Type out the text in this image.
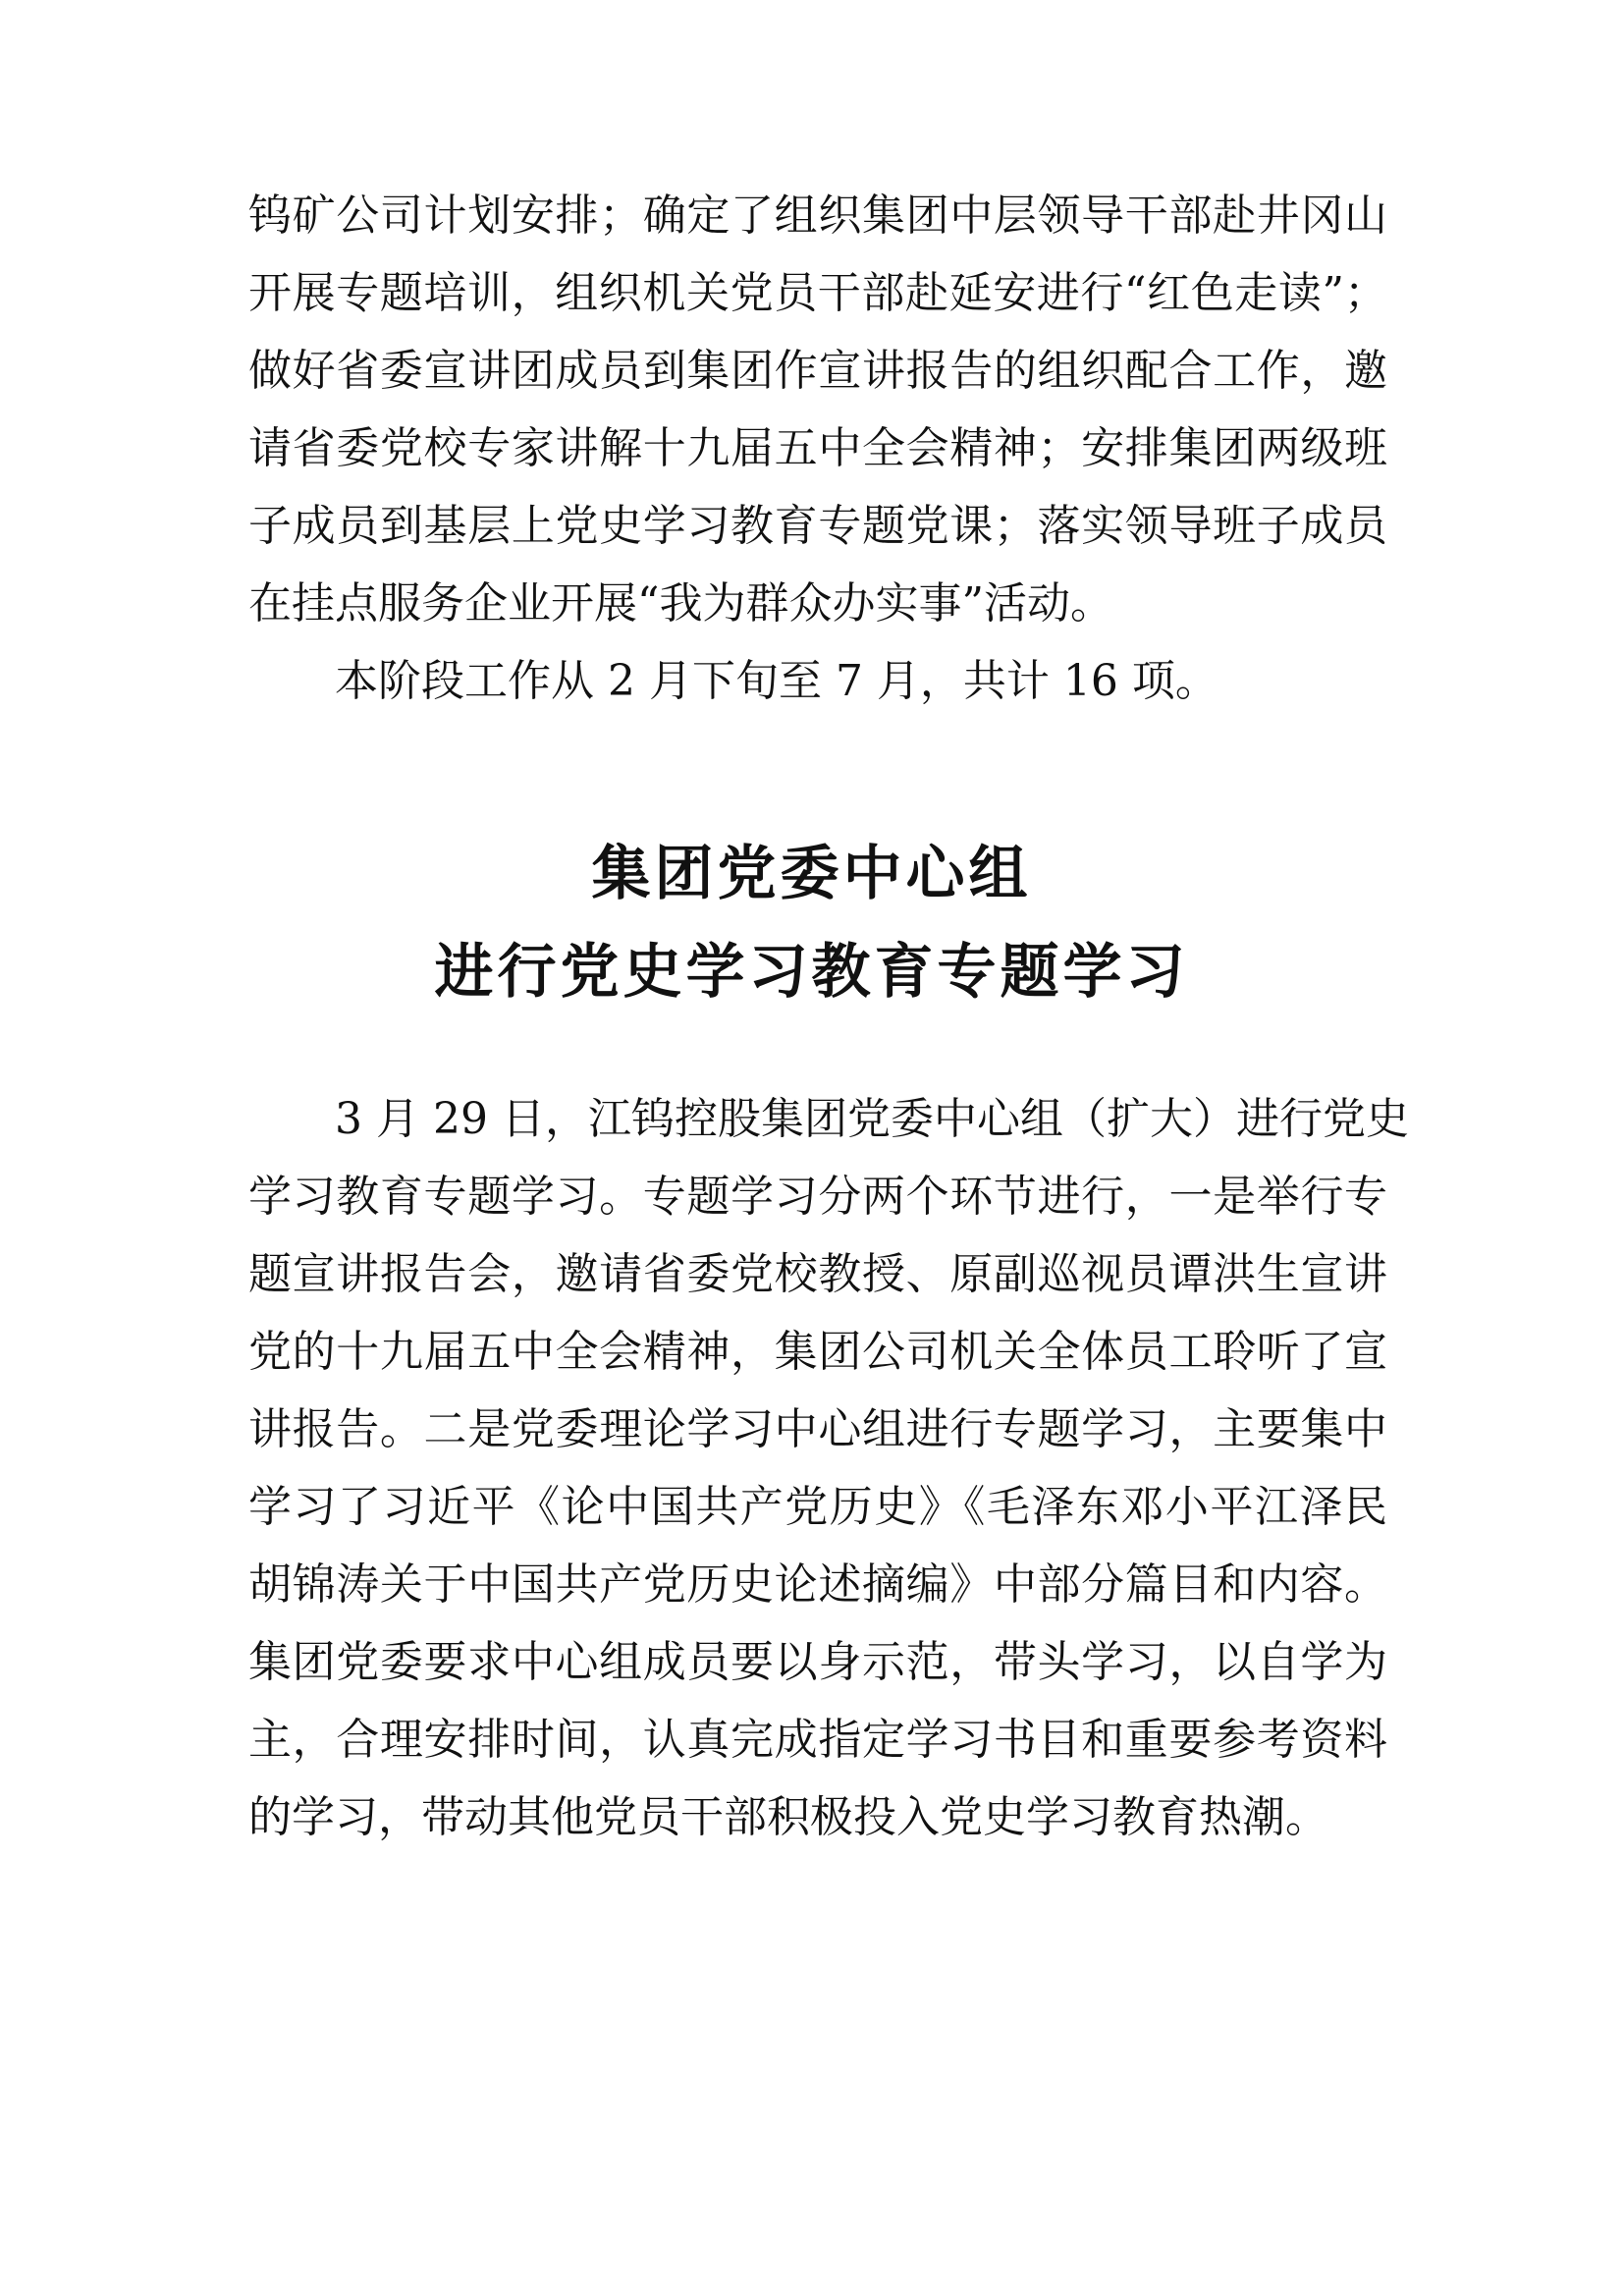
钨矿公司计划安排；确定了组织集团中层领导干部赴井冈山

开展专题培训，组织机关党员干部赴延安进行“红色走读”；

做好省委宣讲团成员到集团作宣讲报告的组织配合工作，邀

请省委党校专家讲解十九届五中全会精神；安排集团两级班

子成员到基层上党史学习教育专题党课；落实领导班子成员

在挂点服务企业开展“我为群众办实事”活动。

本阶段工作从 2 月下旬至 7 月，共计 16 项。

集团党委中心组
进行党史学习教育专题学习

3 月 29 日，江钨控股集团党委中心组（扩大）进行党史

学习教育专题学习。专题学习分两个环节进行，一是举行专

题宣讲报告会，邀请省委党校教授、原副巡视员谭洪生宣讲

党的十九届五中全会精神，集团公司机关全体员工聆听了宣

讲报告。二是党委理论学习中心组进行专题学习，主要集中

学习了习近平《论中国共产党历史》《毛泽东邓小平江泽民

胡锦涛关于中国共产党历史论述摘编》中部分篇目和内容。

集团党委要求中心组成员要以身示范，带头学习，以自学为

主，合理安排时间，认真完成指定学习书目和重要参考资料

的学习，带动其他党员干部积极投入党史学习教育热潮。
